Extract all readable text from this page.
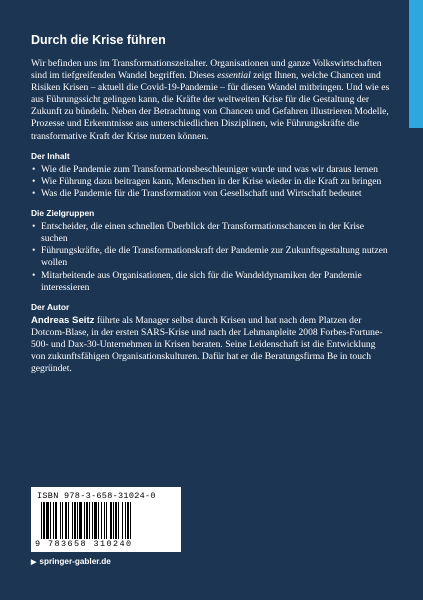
Durch die Krise führen

Wir befinden uns im Transformationszeitalter. Organisationen und ganze Volkswirtschaften sind im tiefgreifenden Wandel begriffen. Dieses essential zeigt Ihnen, welche Chancen und Risiken Krisen – aktuell die Covid-19-Pandemie – für diesen Wandel mitbringen. Und wie es aus Führungssicht gelingen kann, die Kräfte der weltweiten Krise für die Gestaltung der Zukunft zu bündeln. Neben der Betrachtung von Chancen und Gefahren illustrieren Modelle, Prozesse und Erkenntnisse aus unterschiedlichen Disziplinen, wie Führungskräfte die transformative Kraft der Krise nutzen können.

Der Inhalt
• Wie die Pandemie zum Transformationsbeschleuniger wurde und was wir daraus lernen
• Wie Führung dazu beitragen kann, Menschen in der Krise wieder in die Kraft zu bringen
• Was die Pandemie für die Transformation von Gesellschaft und Wirtschaft bedeutet
Die Zielgruppen
• Entscheider, die einen schnellen Überblick der Transformationschancen in der Krise suchen
• Führungskräfte, die die Transformationskraft der Pandemie zur Zukunftsgestaltung nutzen wollen
• Mitarbeitende aus Organisationen, die sich für die Wandeldynamiken der Pandemie interessieren
Der Autor

Andreas Seitz führte als Manager selbst durch Krisen und hat nach dem Platzen der Dotcom-Blase, in der ersten SARS-Krise und nach der Lehmanpleite 2008 Forbes-Fortune- 500- und Dax-30-Unternehmen in Krisen beraten. Seine Leidenschaft ist die Entwicklung von zukunftsfähigen Organisationskulturen. Dafür hat er die Beratungsfirma Be in touch gegründet.

ISBN 978-3-658-31024-0
9 783658 310240
▶ springer-gabler.de
